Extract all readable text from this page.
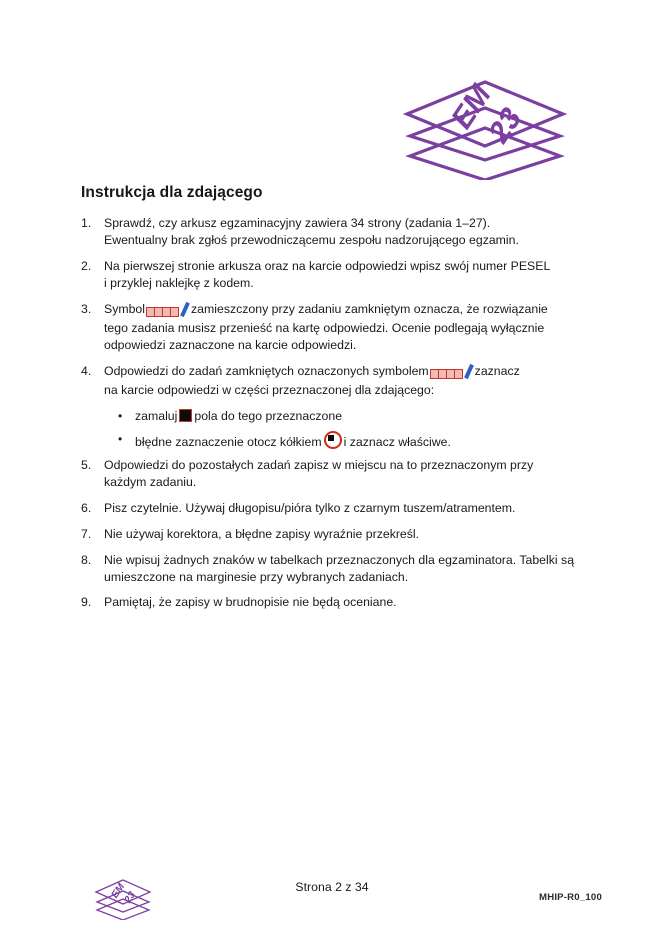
EM
23
Instrukcja dla zdającego
1.	Sprawdź, czy arkusz egzaminacyjny zawiera 34 strony (zadania 1–27).
Ewentualny brak zgłoś przewodniczącemu zespołu nadzorującego egzamin.
2.	Na pierwszej stronie arkusza oraz na karcie odpowiedzi wpisz swój numer PESEL
i przyklej naklejkę z kodem.
3.	Symbol	zamieszczony przy zadaniu zamkniętym oznacza, że rozwiązanie
tego zadania musisz przenieść na kartę odpowiedzi. Ocenie podlegają wyłącznie
odpowiedzi zaznaczone na karcie odpowiedzi.
4.	Odpowiedzi do zadań zamkniętych oznaczonych symbolem	zaznacz
na karcie odpowiedzi w części przeznaczonej dla zdającego:
•
zamaluj pola do tego przeznaczone
•
błędne zaznaczenie otocz kółkiem i zaznacz właściwe.
5.	Odpowiedzi do pozostałych zadań zapisz w miejscu na to przeznaczonym przy
każdym zadaniu.
6.	Pisz czytelnie. Używaj długopisu/pióra tylko z czarnym tuszem/atramentem.
7.	Nie używaj korektora, a błędne zapisy wyraźnie przekreśl.
8.	Nie wpisuj żadnych znaków w tabelkach przeznaczonych dla egzaminatora. Tabelki są
umieszczone na marginesie przy wybranych zadaniach.
9.	Pamiętaj, że zapisy w brudnopisie nie będą oceniane.
EM
23
Strona 2 z 34
MHIP-R0_100
